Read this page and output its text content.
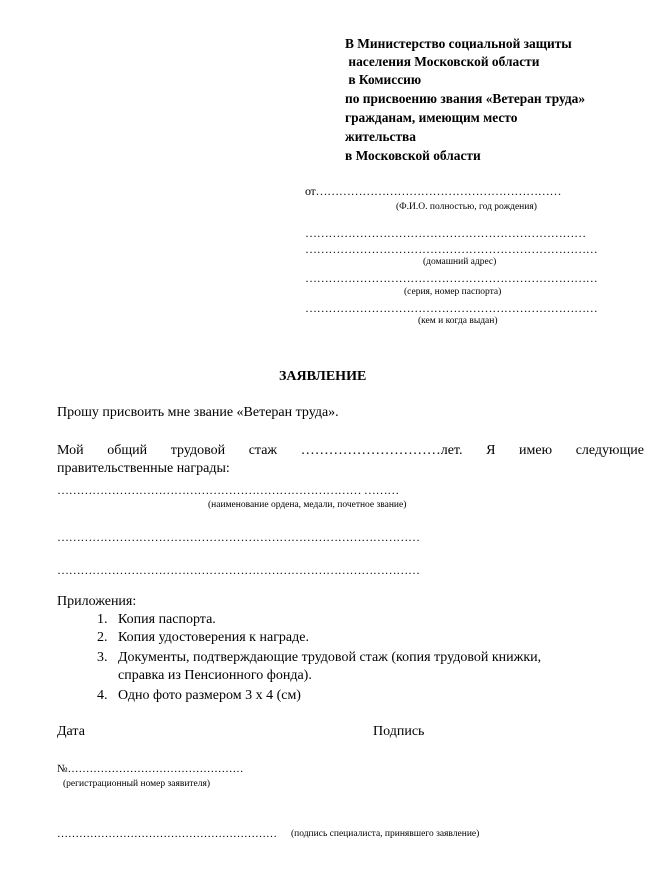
В Министерство социальной защиты
населения Московской области
в Комиссию
по присвоению звания «Ветеран труда»
гражданам, имеющим место
жительства
в Московской области
от………………………………………………………
(Ф.И.О. полностью, год рождения)
………………………………………………………………
…………………………………………………………………
(домашний адрес)
…………………………………………………………………
(серия, номер паспорта)
…………………………………………………………………
(кем и когда выдан)
ЗАЯВЛЕНИЕ
Прошу присвоить мне звание «Ветеран труда».
Мой общий трудовой стаж …………………………лет. Я имею следующие
правительственные награды:
…………………………………………………………………… ………
(наименование ордена, медали, почетное звание)
…………………………………………………………………………………
…………………………………………………………………………………
Приложения:
1. Копия паспорта.
2. Копия удостоверения к награде.
3. Документы, подтверждающие трудовой стаж (копия трудовой книжки,
справка из Пенсионного фонда).
4. Одно фото размером 3 х 4 (см)
Дата	Подпись
№…………………………………………
(регистрационный номер заявителя)
…………………………………………………… (подпись специалиста, принявшего заявление)
